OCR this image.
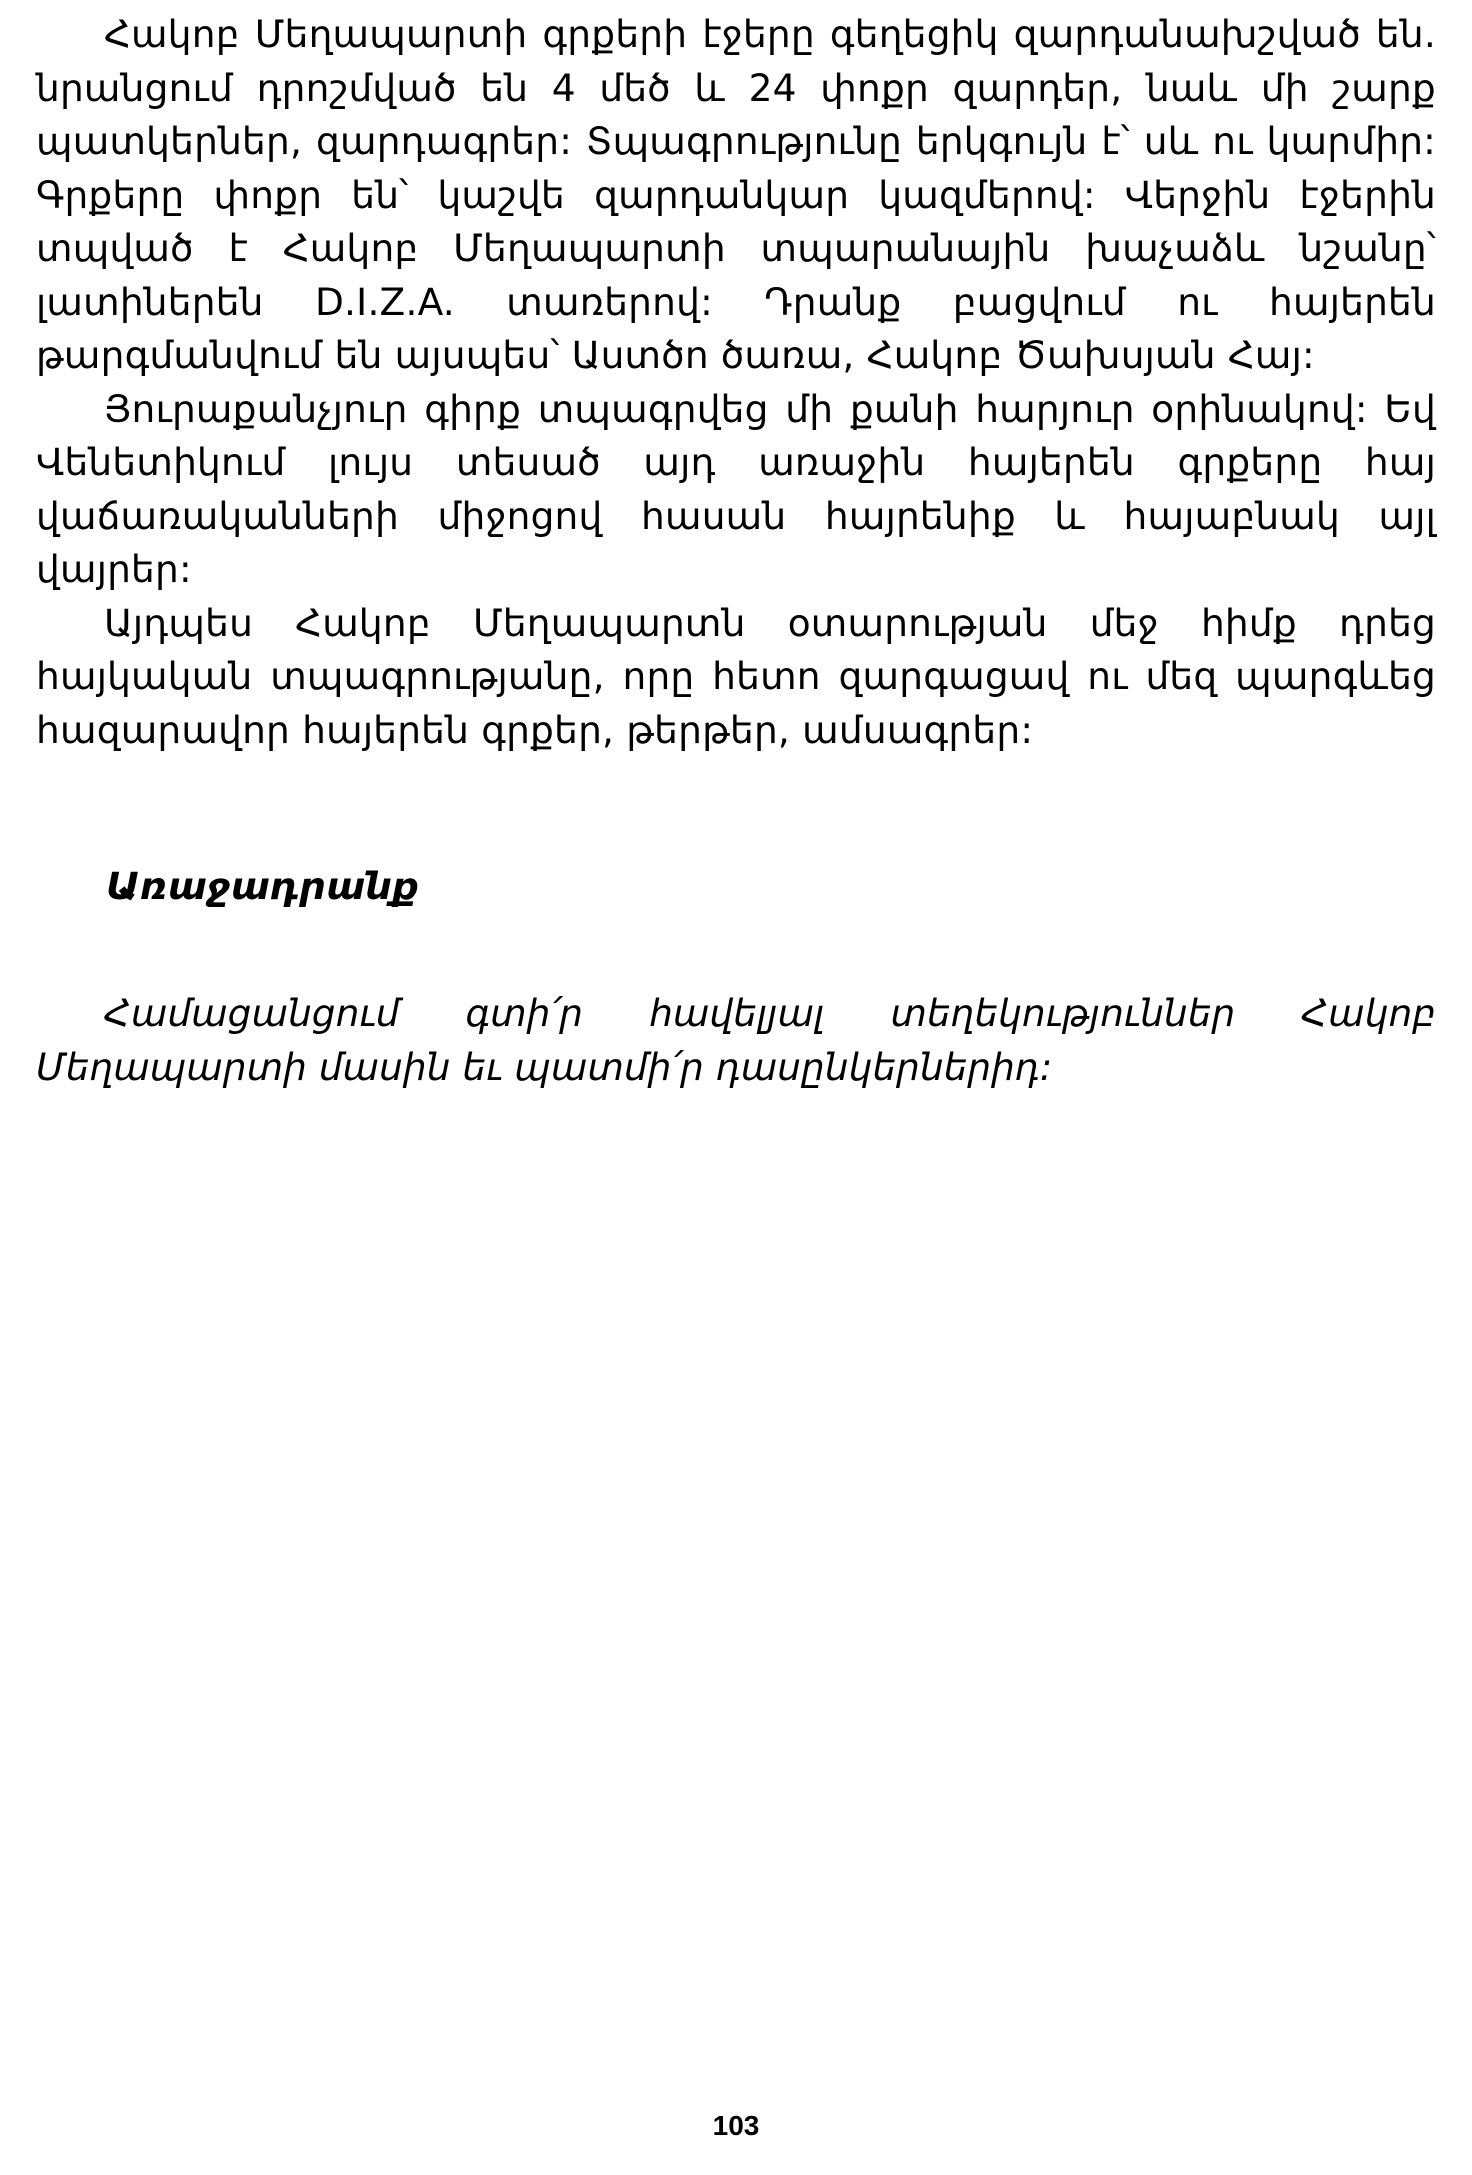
Հակոբ Մեղապարտի գրքերի էջերը գեղեցիկ զարդանախշված են. նրանցում դրոշմված են 4 մեծ և 24 փոքր զարդեր, նաև մի շարք պատկերներ, զարդագրեր: Տպագրությունը երկգույն է՝ սև ու կարմիր: Գրքերը փոքր են՝ կաշվե զարդանկար կազմերով: Վերջին էջերին տպված է Հակոբ Մեղապարտի տպարանային խաչաձև նշանը՝ լատիներեն D.I.Z.A. տառերով: Դրանք բացվում ու հայերեն թարգմանվում են այսպես՝ Աստծո ծառա, Հակոբ Ծախսյան Հայ:

Յուրաքանչյուր գիրք տպագրվեց մի քանի հարյուր օրինակով: Եվ Վենետիկում լույս տեսած այդ առաջին հայերեն գրքերը հայ վաճառականների միջոցով հասան հայրենիք և հայաբնակ այլ վայրեր:

Այդպես Հակոբ Մեղապարտն օտարության մեջ հիմք դրեց հայկական տպագրությանը, որը հետո զարգացավ ու մեզ պարգևեց հազարավոր հայերեն գրքեր, թերթեր, ամսագրեր:

Առաջադրանք

Համացանցում գտի՛ր հավելյալ տեղեկություններ Հակոբ Մեղապարտի մասին եւ պատմի՛ր դասընկերներիդ:

103
